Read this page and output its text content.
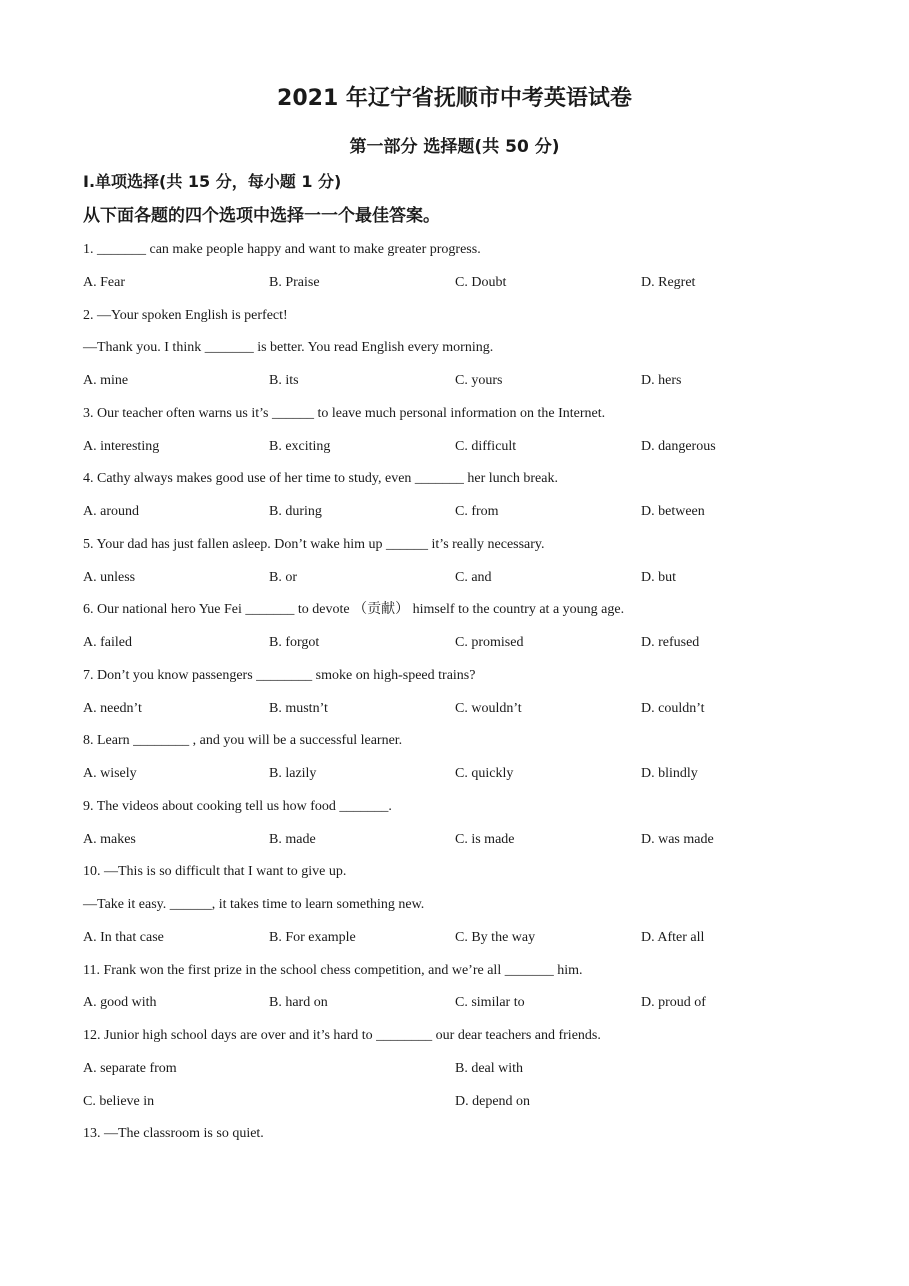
2021 年辽宁省抚顺市中考英语试卷
第一部分 选择题(共 50 分)
I.单项选择(共 15 分，每小题 1 分)
从下面各题的四个选项中选择一一个最佳答案。
1. _______ can make people happy and want to make greater progress.
A. Fear	B. Praise	C. Doubt	D. Regret
2. —Your spoken English is perfect!
—Thank you. I think _______ is better. You read English every morning.
A. mine	B. its	C. yours	D. hers
3. Our teacher often warns us it’s ______ to leave much personal information on the Internet.
A. interesting	B. exciting	C. difficult	D. dangerous
4. Cathy always makes good use of her time to study, even _______ her lunch break.
A. around	B. during	C. from	D. between
5. Your dad has just fallen asleep. Don’t wake him up ______ it’s really necessary.
A. unless	B. or	C. and	D. but
6. Our national hero Yue Fei _______ to devote （贡献） himself to the country at a young age.
A. failed	B. forgot	C. promised	D. refused
7. Don’t you know passengers ________ smoke on high-speed trains?
A. needn’t	B. mustn’t	C. wouldn’t	D. couldn’t
8. Learn ________ , and you will be a successful learner.
A. wisely	B. lazily	C. quickly	D. blindly
9. The videos about cooking tell us how food _______.
A. makes	B. made	C. is made	D. was made
10. —This is so difficult that I want to give up.
—Take it easy. ______, it takes time to learn something new.
A. In that case	B. For example	C. By the way	D. After all
11. Frank won the first prize in the school chess competition, and we’re all _______ him.
A. good with	B. hard on	C. similar to	D. proud of
12. Junior high school days are over and it’s hard to ________ our dear teachers and friends.
A. separate from	B. deal with
C. believe in	D. depend on
13. —The classroom is so quiet.
